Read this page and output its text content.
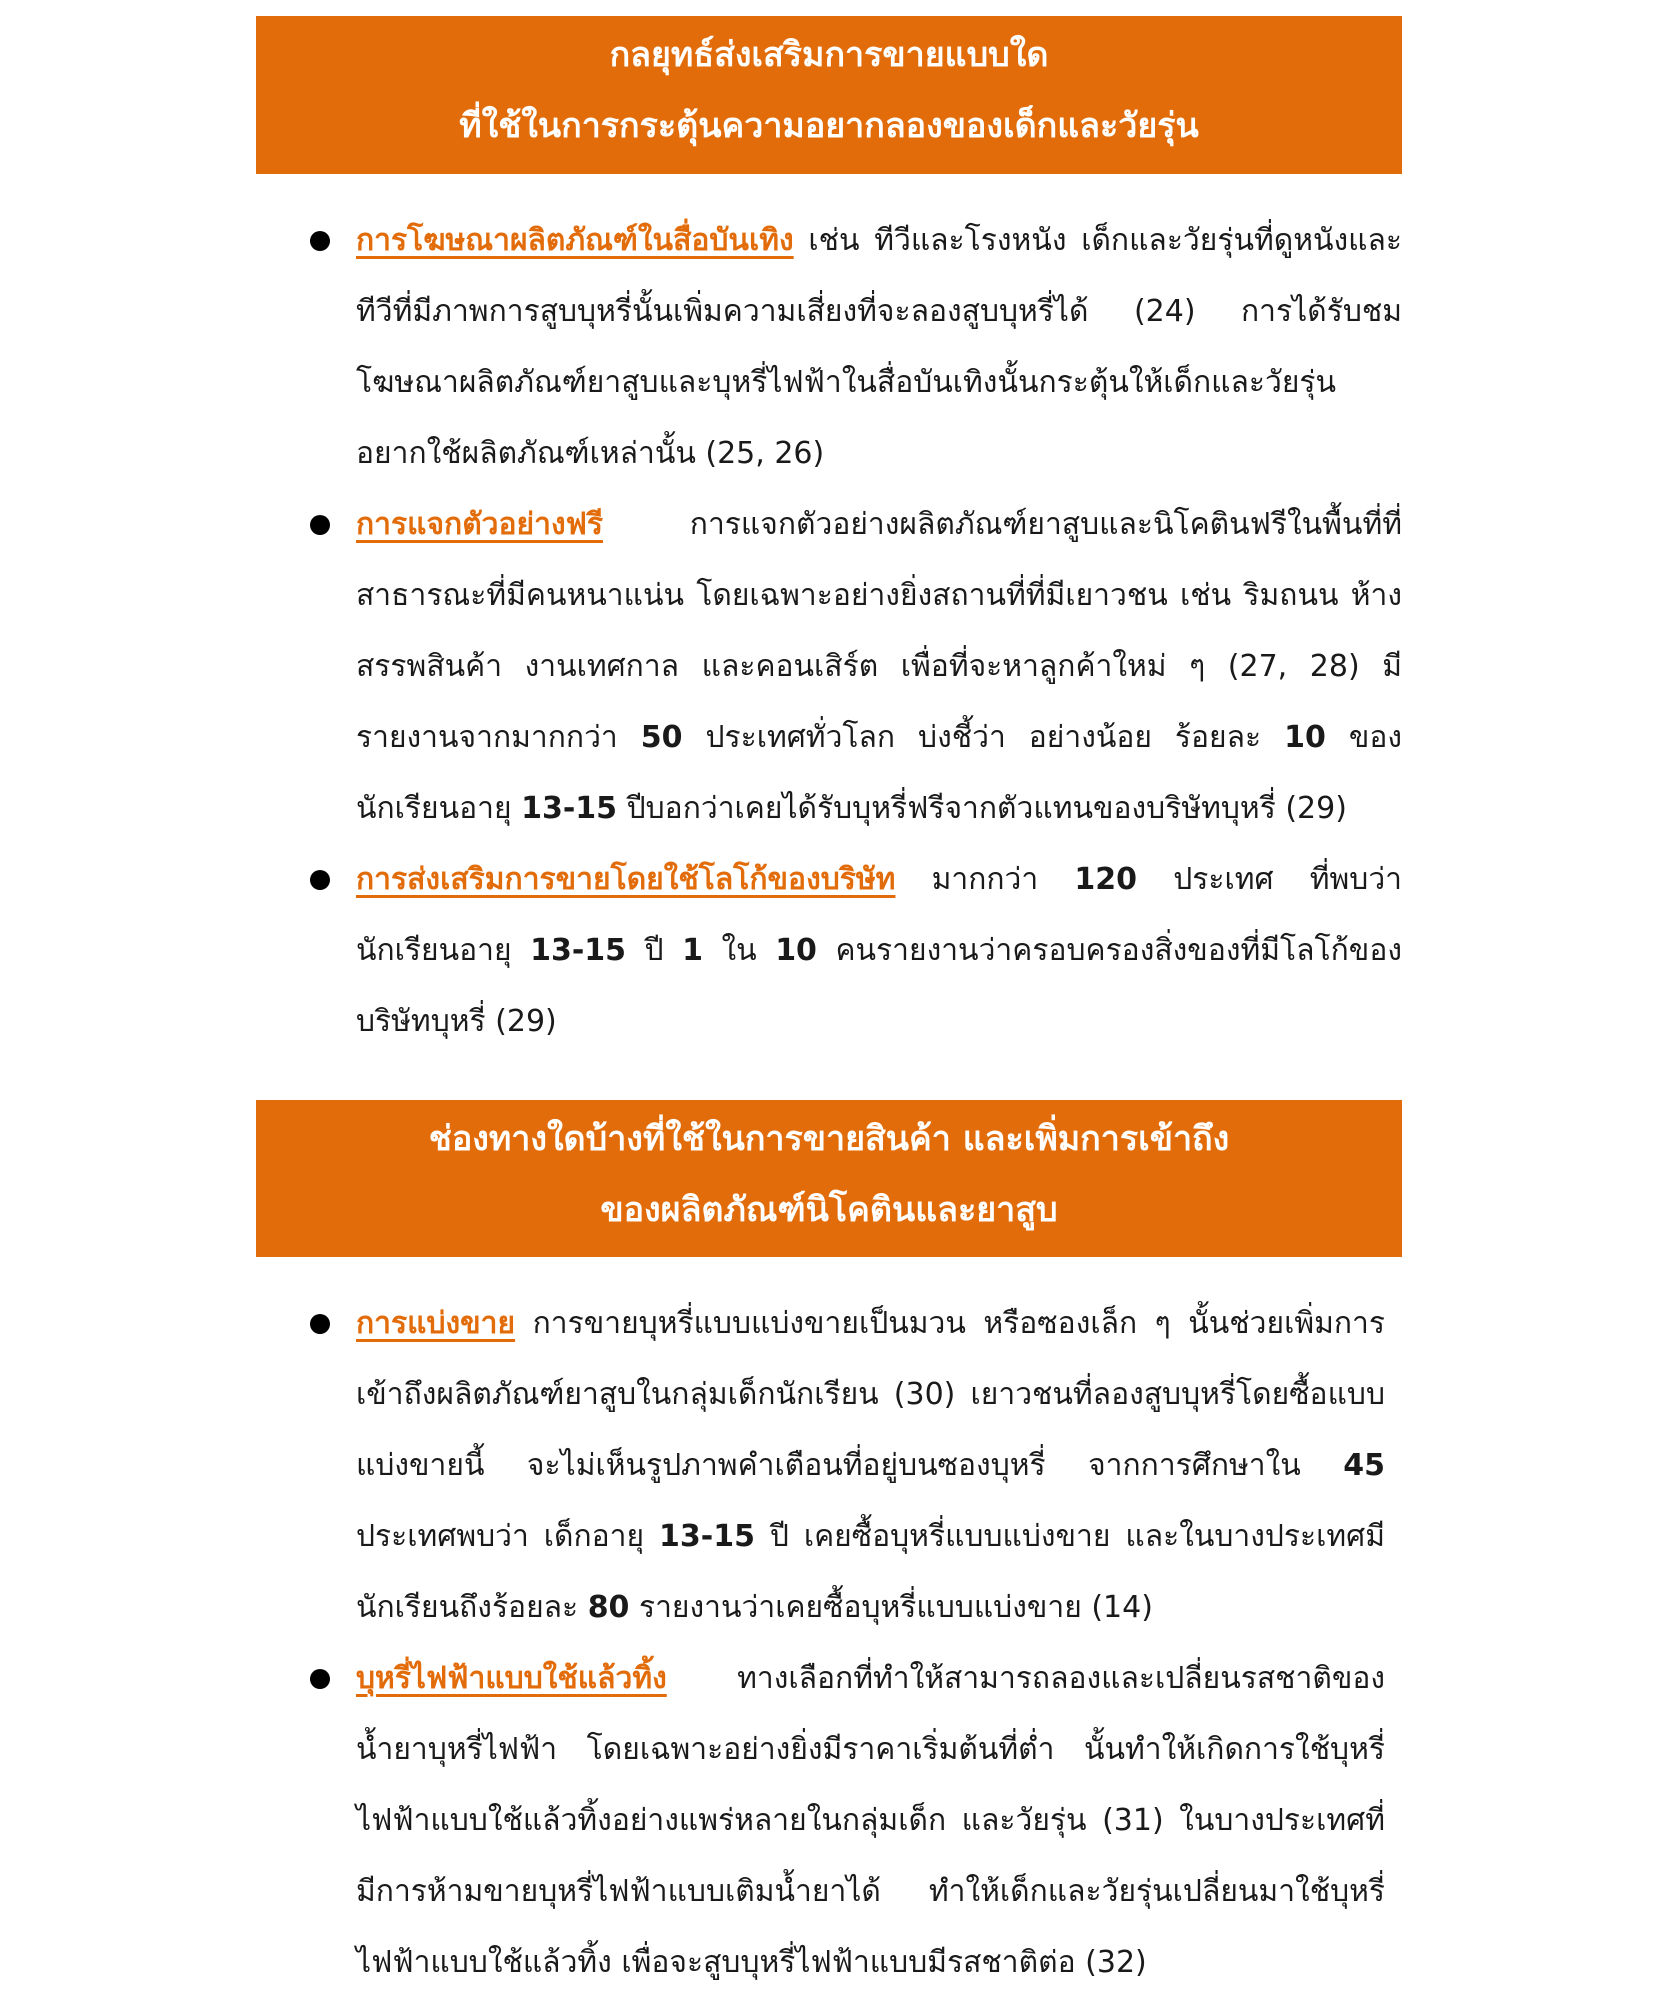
กลยุทธ์ส่งเสริมการขายแบบใด
ที่ใช้ในการกระตุ้นความอยากลองของเด็กและวัยรุ่น
การโฆษณาผลิตภัณฑ์ในสื่อบันเทิง เช่น ทีวีและโรงหนัง เด็กและวัยรุ่นที่ดูหนังและทีวีที่มีภาพการสูบบุหรี่นั้นเพิ่มความเสี่ยงที่จะลองสูบบุหรี่ได้ (24) การได้รับชมโฆษณาผลิตภัณฑ์ยาสูบและบุหรี่ไฟฟ้าในสื่อบันเทิงนั้นกระตุ้นให้เด็กและวัยรุ่นอยากใช้ผลิตภัณฑ์เหล่านั้น (25, 26)
การแจกตัวอย่างฟรี การแจกตัวอย่างผลิตภัณฑ์ยาสูบและนิโคตินฟรีในพื้นที่ที่สาธารณะที่มีคนหนาแน่น โดยเฉพาะอย่างยิ่งสถานที่ที่มีเยาวชน เช่น ริมถนน ห้างสรรพสินค้า งานเทศกาล และคอนเสิร์ต เพื่อที่จะหาลูกค้าใหม่ ๆ (27, 28) มีรายงานจากมากกว่า 50 ประเทศทั่วโลก บ่งชี้ว่า อย่างน้อย ร้อยละ 10 ของนักเรียนอายุ 13-15 ปีบอกว่าเคยได้รับบุหรี่ฟรีจากตัวแทนของบริษัทบุหรี่ (29)
การส่งเสริมการขายโดยใช้โลโก้ของบริษัท มากกว่า 120 ประเทศ ที่พบว่า นักเรียนอายุ 13-15 ปี 1 ใน 10 คนรายงานว่าครอบครองสิ่งของที่มีโลโก้ของบริษัทบุหรี่ (29)
ช่องทางใดบ้างที่ใช้ในการขายสินค้า และเพิ่มการเข้าถึง
ของผลิตภัณฑ์นิโคตินและยาสูบ
การแบ่งขาย การขายบุหรี่แบบแบ่งขายเป็นมวน หรือซองเล็ก ๆ นั้นช่วยเพิ่มการเข้าถึงผลิตภัณฑ์ยาสูบในกลุ่มเด็กนักเรียน (30) เยาวชนที่ลองสูบบุหรี่โดยซื้อแบบแบ่งขายนี้ จะไม่เห็นรูปภาพคำเตือนที่อยู่บนซองบุหรี่ จากการศึกษาใน 45 ประเทศพบว่า เด็กอายุ 13-15 ปี เคยซื้อบุหรี่แบบแบ่งขาย และในบางประเทศมีนักเรียนถึงร้อยละ 80 รายงานว่าเคยซื้อบุหรี่แบบแบ่งขาย (14)
บุหรี่ไฟฟ้าแบบใช้แล้วทิ้ง ทางเลือกที่ทำให้สามารถลองและเปลี่ยนรสชาติของน้ำยาบุหรี่ไฟฟ้า โดยเฉพาะอย่างยิ่งมีราคาเริ่มต้นที่ต่ำ นั้นทำให้เกิดการใช้บุหรี่ไฟฟ้าแบบใช้แล้วทิ้งอย่างแพร่หลายในกลุ่มเด็ก และวัยรุ่น (31) ในบางประเทศที่มีการห้ามขายบุหรี่ไฟฟ้าแบบเติมน้ำยาได้ ทำให้เด็กและวัยรุ่นเปลี่ยนมาใช้บุหรี่ไฟฟ้าแบบใช้แล้วทิ้ง เพื่อจะสูบบุหรี่ไฟฟ้าแบบมีรสชาติต่อ (32)
